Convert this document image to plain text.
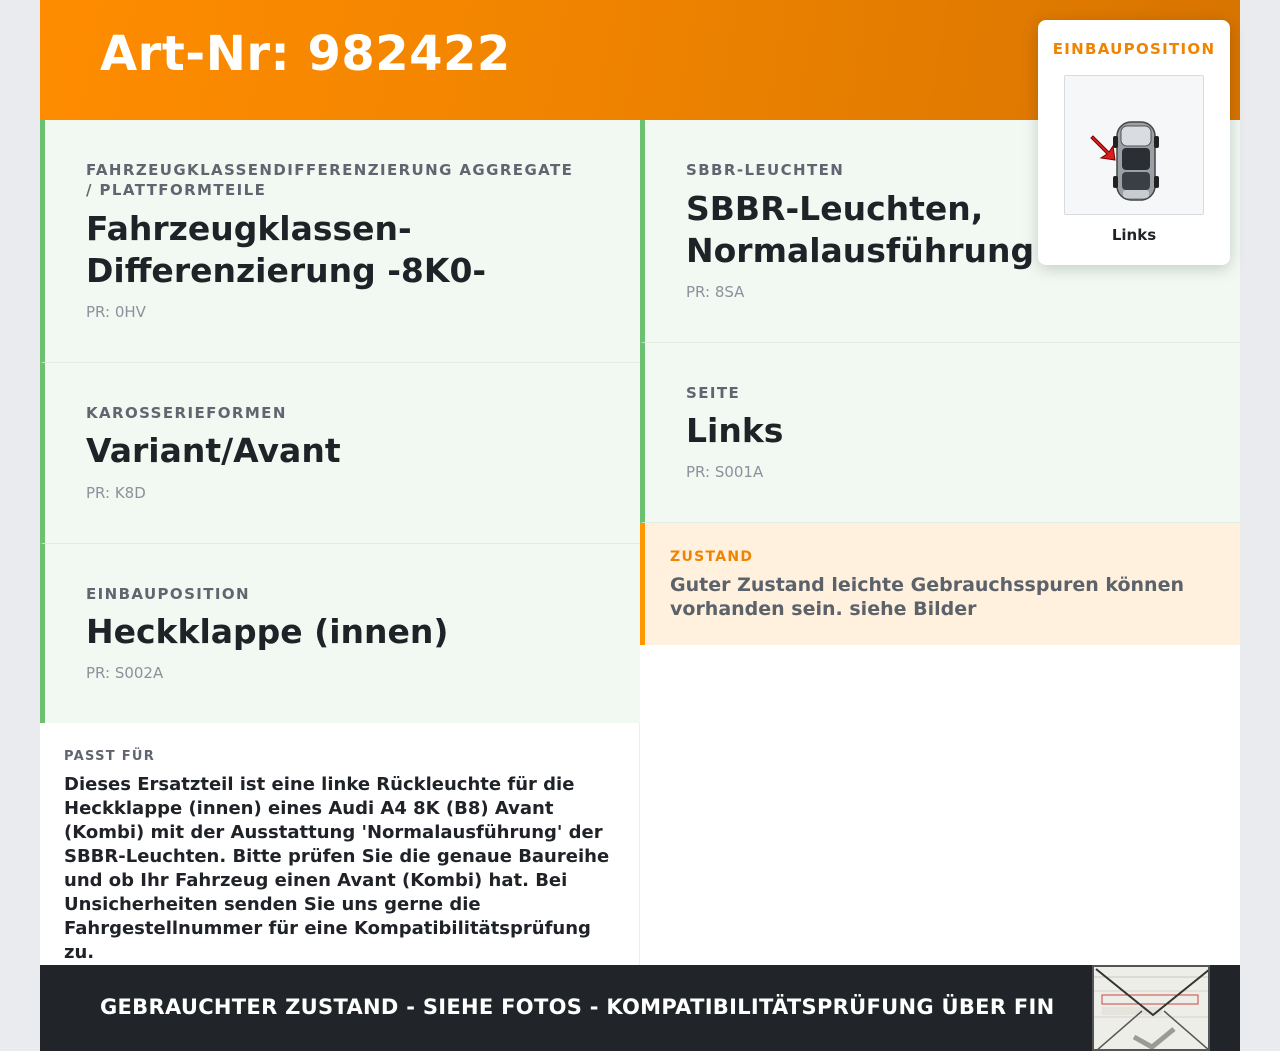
Art-Nr: 982422
FAHRZEUGKLASSENDIFFERENZIERUNG AGGREGATE / PLATTFORMTEILE
Fahrzeugklassen-Differenzierung -8K0-
PR: 0HV
KAROSSERIEFORMEN
Variant/Avant
PR: K8D
EINBAUPOSITION
Heckklappe (innen)
PR: S002A
SBBR-LEUCHTEN
SBBR-Leuchten, Normalausführung
PR: 8SA
SEITE
Links
PR: S001A
ZUSTAND
Guter Zustand leichte Gebrauchsspuren können vorhanden sein. siehe Bilder
PASST FÜR
Dieses Ersatzteil ist eine linke Rückleuchte für die Heckklappe (innen) eines Audi A4 8K (B8) Avant (Kombi) mit der Ausstattung 'Normalausführung' der SBBR-Leuchten. Bitte prüfen Sie die genaue Baureihe und ob Ihr Fahrzeug einen Avant (Kombi) hat. Bei Unsicherheiten senden Sie uns gerne die Fahrgestellnummer für eine Kompatibilitätsprüfung zu.
GEBRAUCHTER ZUSTAND - SIEHE FOTOS - KOMPATIBILITÄTSPRÜFUNG ÜBER FIN
EINBAUPOSITION
Links
